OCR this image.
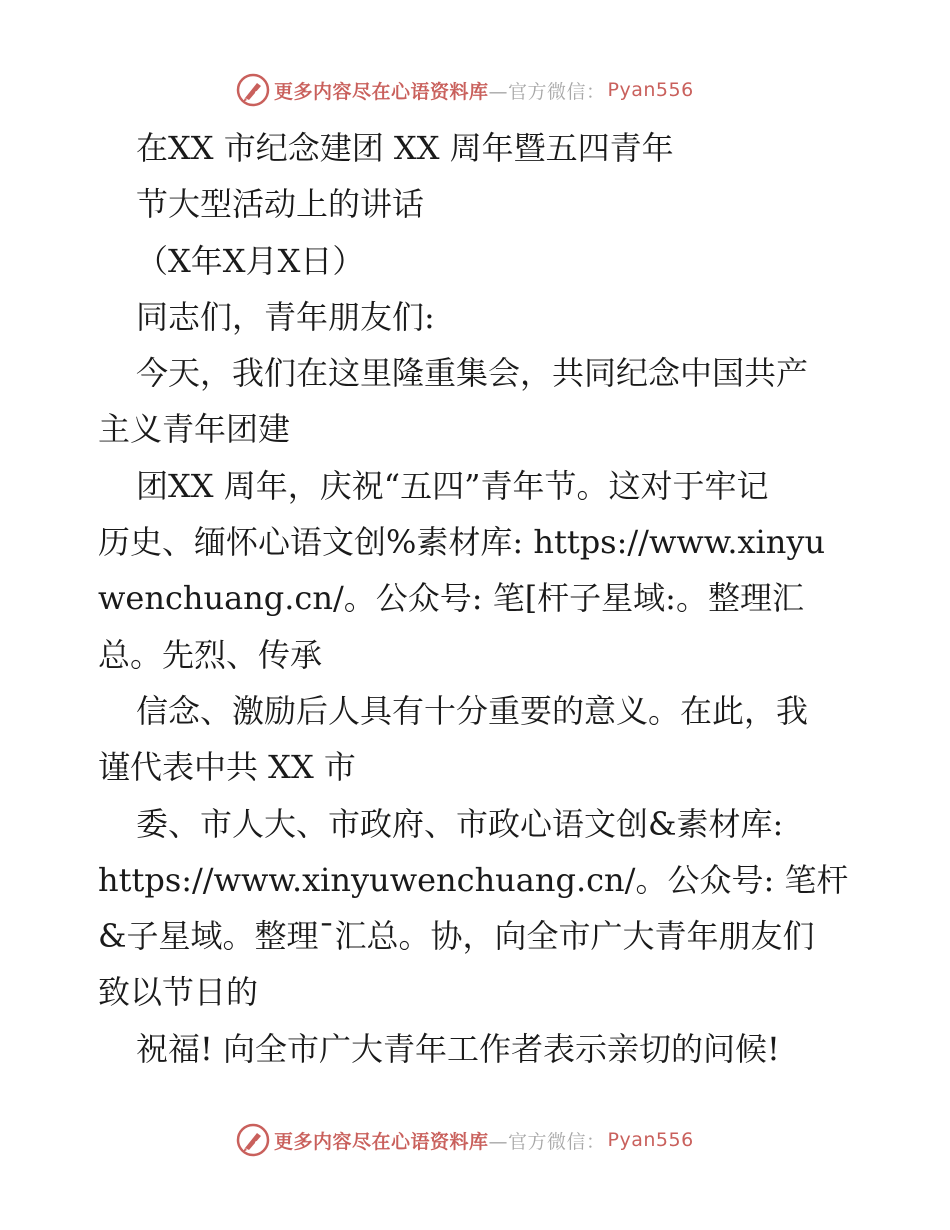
更多内容尽在心语资料库 —官方微信： Pyan556
在XX 市纪念建团 XX 周年暨五四青年
节大型活动上的讲话
（X年X月X日）
同志们，青年朋友们:
今天，我们在这里隆重集会，共同纪念中国共产
主义青年团建
团XX 周年，庆祝“五四”青年节。这对于牢记
历史、缅怀心语文创%素材库: https://www.xinyu
wenchuang.cn/。公众号: 笔[杆子星域:。整理汇
总。先烈、传承
信念、激励后人具有十分重要的意义。在此，我
谨代表中共 XX 市
委、市人大、市政府、市政心语文创&素材库:
https://www.xinyuwenchuang.cn/。公众号: 笔杆
&子星域。整理¯汇总。协，向全市广大青年朋友们
致以节日的
祝福! 向全市广大青年工作者表示亲切的问候!
更多内容尽在心语资料库 —官方微信： Pyan556
